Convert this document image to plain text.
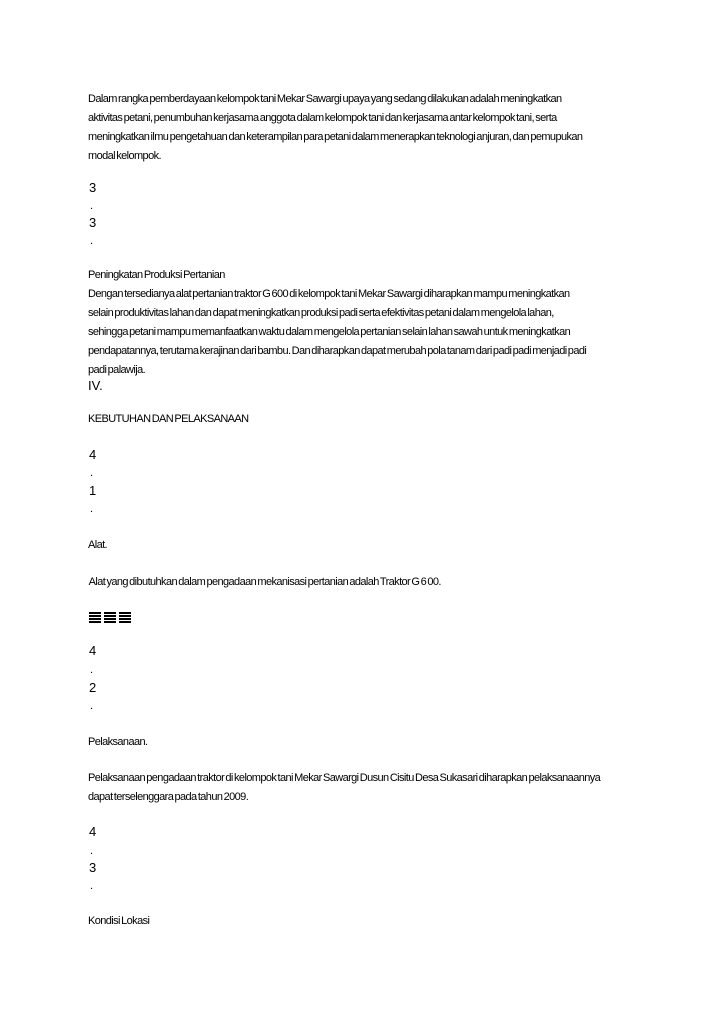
Dalam rangka pemberdayaan kelompok tani Mekar Sawargi upaya yang sedang dilakukan adalah meningkatkan
aktivitas petani, penumbuhan kerjasama anggota dalam kelompok tani dan kerjasama antar kelompok tani, serta
meningkatkan ilmu pengetahuan dan keterampilan para petani dalam menerapkan teknologi anjuran, dan pemupukan
modal kelompok.
3
.
3
.
Peningkatan Produksi Pertanian
Dengan tersedianya alat pertanian traktor G 600 di kelompok tani Mekar Sawargi diharapkan mampu meningkatkan
selain produktivitas lahan dan dapat meningkatkan produksi padi serta efektivitas petani dalam mengelola lahan,
sehingga petani mampu memanfaatkan waktu dalam mengelola pertanian selain lahan sawah untuk meningkatkan
pendapatannya, terutama kerajinan dari bambu. Dan diharapkan dapat merubah pola tanam dari padi padi menjadi padi
padi palawija.
IV.
KEBUTUHAN DAN PELAKSANAAN
4
.
1
.
Alat.
Alat yang dibutuhkan dalam pengadaan mekanisasi pertanian adalah Traktor G 6 00.
4
.
2
.
Pelaksanaan.
Pelaksanaan pengadaan traktor di kelompok tani Mekar Sawargi Dusun Cisitu Desa Sukasari diharapkan pelaksanaannya
dapat terselenggara pada tahun 2009.
4
.
3
.
Kondisi Lokasi
